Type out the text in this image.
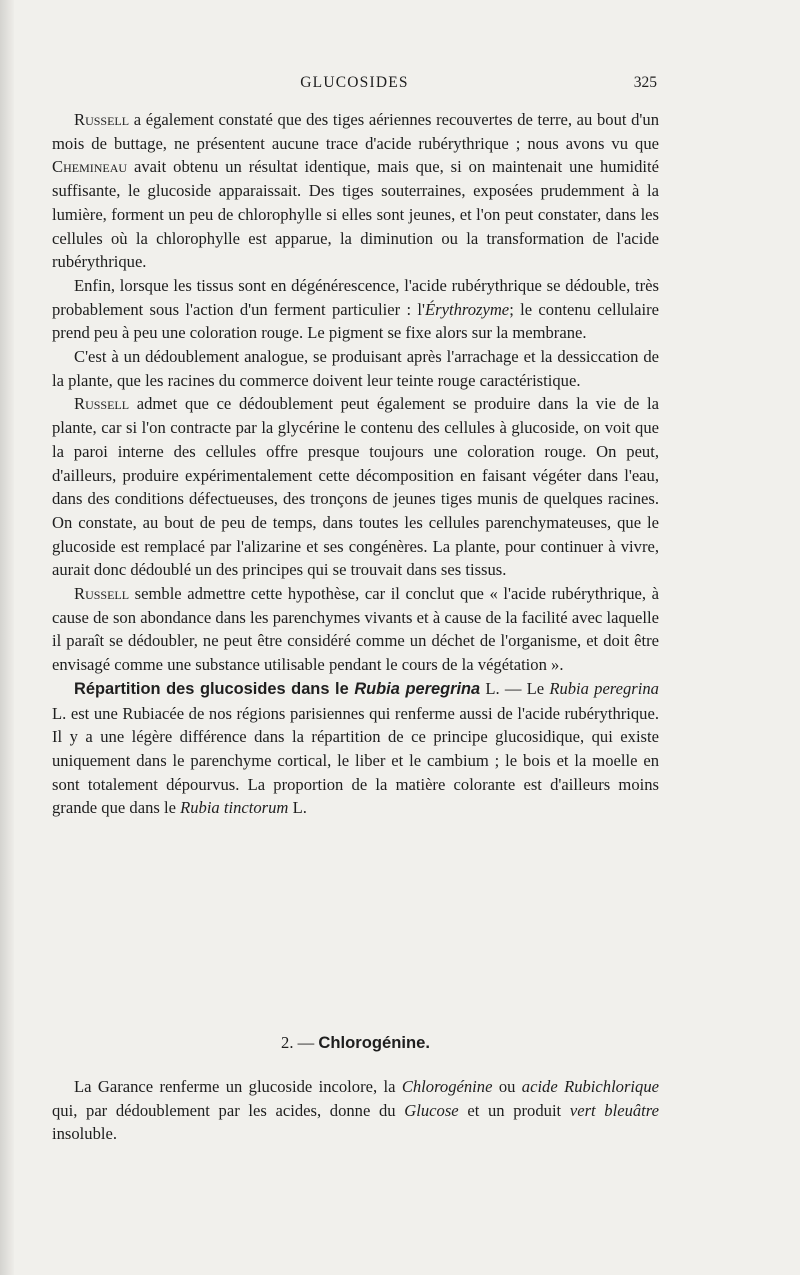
GLUCOSIDES	325

Russell a également constaté que des tiges aériennes recouvertes de terre, au bout d'un mois de buttage, ne présentent aucune trace d'acide rubérythrique ; nous avons vu que Chemineau avait obtenu un résultat identique, mais que, si on maintenait une humidité suffisante, le glucoside apparaissait. Des tiges souterraines, exposées prudemment à la lumière, forment un peu de chlorophylle si elles sont jeunes, et l'on peut constater, dans les cellules où la chlorophylle est apparue, la diminution ou la transformation de l'acide rubérythrique.

Enfin, lorsque les tissus sont en dégénérescence, l'acide rubérythrique se dédouble, très probablement sous l'action d'un ferment particulier : l'Érythrozyme; le contenu cellulaire prend peu à peu une coloration rouge. Le pigment se fixe alors sur la membrane.

C'est à un dédoublement analogue, se produisant après l'arrachage et la dessiccation de la plante, que les racines du commerce doivent leur teinte rouge caractéristique.

Russell admet que ce dédoublement peut également se produire dans la vie de la plante, car si l'on contracte par la glycérine le contenu des cellules à glucoside, on voit que la paroi interne des cellules offre presque toujours une coloration rouge. On peut, d'ailleurs, produire expérimentalement cette décomposition en faisant végéter dans l'eau, dans des conditions défectueuses, des tronçons de jeunes tiges munis de quelques racines. On constate, au bout de peu de temps, dans toutes les cellules parenchymateuses, que le glucoside est remplacé par l'alizarine et ses congénères. La plante, pour continuer à vivre, aurait donc dédoublé un des principes qui se trouvait dans ses tissus.

Russell semble admettre cette hypothèse, car il conclut que « l'acide rubérythrique, à cause de son abondance dans les parenchymes vivants et à cause de la facilité avec laquelle il paraît se dédoubler, ne peut être considéré comme un déchet de l'organisme, et doit être envisagé comme une substance utilisable pendant le cours de la végétation ».

Répartition des glucosides dans le Rubia peregrina L. — Le Rubia peregrina L. est une Rubiacée de nos régions parisiennes qui renferme aussi de l'acide rubérythrique. Il y a une légère différence dans la répartition de ce principe glucosidique, qui existe uniquement dans le parenchyme cortical, le liber et le cambium ; le bois et la moelle en sont totalement dépourvus. La proportion de la matière colorante est d'ailleurs moins grande que dans le Rubia tinctorum L.

2. — Chlorogénine.

La Garance renferme un glucoside incolore, la Chlorogénine ou acide Rubichlorique qui, par dédoublement par les acides, donne du Glucose et un produit vert bleuâtre insoluble.
